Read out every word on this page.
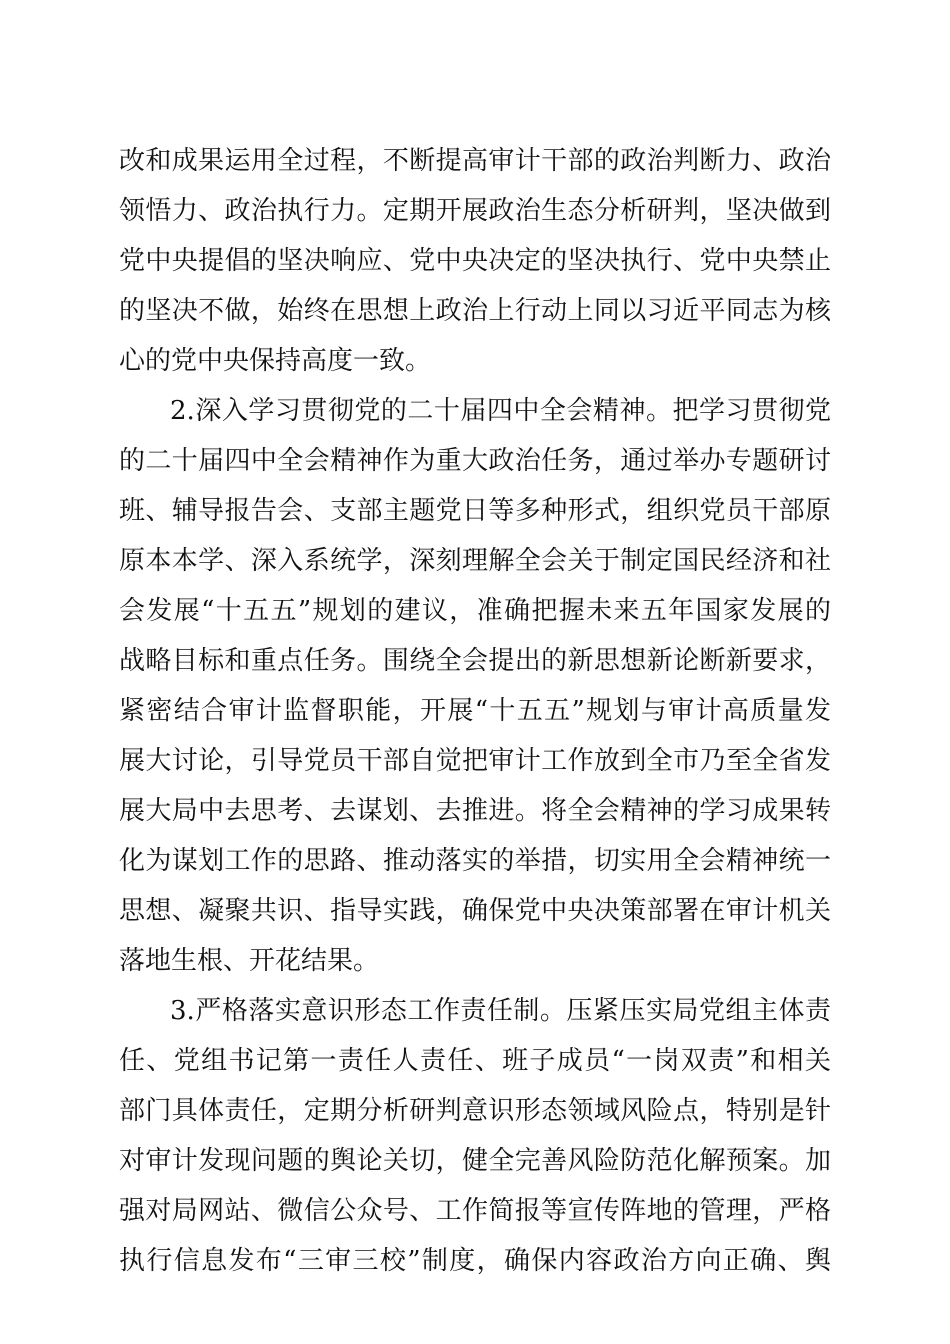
改和成果运用全过程，不断提高审计干部的政治判断力、政治
领悟力、政治执行力。定期开展政治生态分析研判，坚决做到
党中央提倡的坚决响应、党中央决定的坚决执行、党中央禁止
的坚决不做，始终在思想上政治上行动上同以习近平同志为核
心的党中央保持高度一致。
2.深入学习贯彻党的二十届四中全会精神。把学习贯彻党
的二十届四中全会精神作为重大政治任务，通过举办专题研讨
班、辅导报告会、支部主题党日等多种形式，组织党员干部原
原本本学、深入系统学，深刻理解全会关于制定国民经济和社
会发展“十五五”规划的建议，准确把握未来五年国家发展的
战略目标和重点任务。围绕全会提出的新思想新论断新要求，
紧密结合审计监督职能，开展“十五五”规划与审计高质量发
展大讨论，引导党员干部自觉把审计工作放到全市乃至全省发
展大局中去思考、去谋划、去推进。将全会精神的学习成果转
化为谋划工作的思路、推动落实的举措，切实用全会精神统一
思想、凝聚共识、指导实践，确保党中央决策部署在审计机关
落地生根、开花结果。
3.严格落实意识形态工作责任制。压紧压实局党组主体责
任、党组书记第一责任人责任、班子成员“一岗双责”和相关
部门具体责任，定期分析研判意识形态领域风险点，特别是针
对审计发现问题的舆论关切，健全完善风险防范化解预案。加
强对局网站、微信公众号、工作简报等宣传阵地的管理，严格
执行信息发布“三审三校”制度，确保内容政治方向正确、舆
